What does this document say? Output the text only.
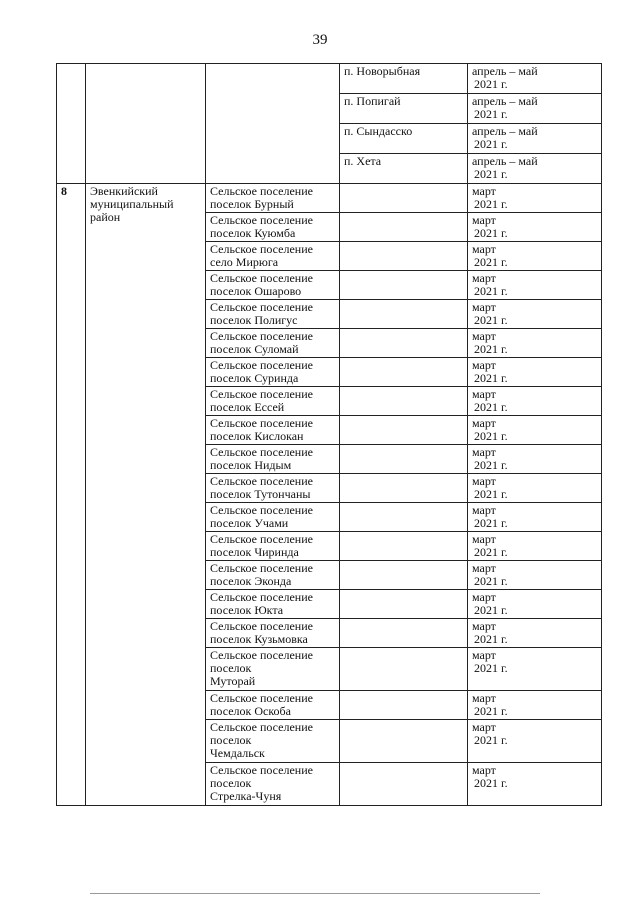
39
			п. Новорыбная	апрель – май
2021 г.

			п. Попигай	апрель – май
2021 г.

			п. Сындасско	апрель – май
2021 г.

			п. Хета	апрель – май
2021 г.

8	Эвенкийский муниципальный район	Сельское поселение
поселок Бурный		март
2021 г.

		Сельское поселение
поселок Куюмба		март
2021 г.

		Сельское поселение
село Мирюга		март
2021 г.

		Сельское поселение
поселок Ошарово		март
2021 г.

		Сельское поселение
поселок Полигус		март
2021 г.

		Сельское поселение
поселок Суломай		март
2021 г.

		Сельское поселение
поселок Суринда		март
2021 г.

		Сельское поселение
поселок Ессей		март
2021 г.

		Сельское поселение
поселок Кислокан		март
2021 г.

		Сельское поселение
поселок Нидым		март
2021 г.

		Сельское поселение
поселок Тутончаны		март
2021 г.

		Сельское поселение
поселок Учами		март
2021 г.

		Сельское поселение
поселок Чиринда		март
2021 г.

		Сельское поселение
поселок Эконда		март
2021 г.

		Сельское поселение
поселок Юкта		март
2021 г.

		Сельское поселение
поселок Кузьмовка		март
2021 г.

		Сельское поселение
поселок
Муторай		март
2021 г.

		Сельское поселение
поселок Оскоба		март
2021 г.

		Сельское поселение
поселок
Чемдальск		март
2021 г.

		Сельское поселение
поселок
Стрелка-Чуня		март
2021 г.
